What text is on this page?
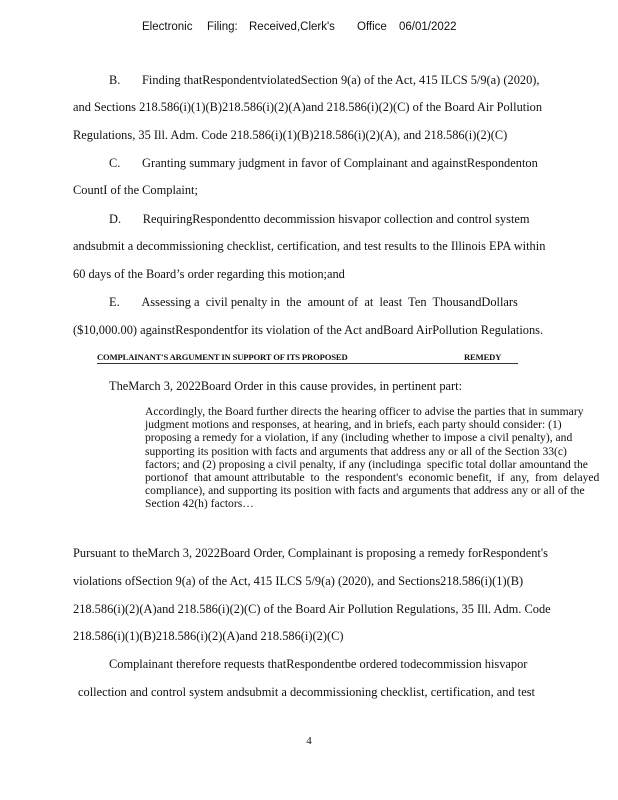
Electronic Filing: Received,Clerk's Office 06/01/2022
B.       Finding thatRespondentviolatedSection 9(a) of the Act, 415 ILCS 5/9(a) (2020),
and Sections 218.586(i)(1)(B)218.586(i)(2)(A)and 218.586(i)(2)(C) of the Board Air Pollution
Regulations, 35 Ill. Adm. Code 218.586(i)(1)(B)218.586(i)(2)(A), and 218.586(i)(2)(C)
C.       Granting summary judgment in favor of Complainant and againstRespondenton
CountI of the Complaint;
D.       RequiringRespondentto decommission hisvapor collection and control system
andsubmit a decommissioning checklist, certification, and test results to the Illinois EPA within
60 days of the Board’s order regarding this motion;and
E.       Assessing a  civil penalty in  the  amount of  at  least  Ten  ThousandDollars
($10,000.00) againstRespondentfor its violation of the Act andBoard AirPollution Regulations.
COMPLAINANT'S ARGUMENT IN SUPPORT OF ITS PROPOSED	REMEDY
TheMarch 3, 2022Board Order in this cause provides, in pertinent part:

Accordingly, the Board further directs the hearing officer to advise the parties that in summary judgment motions and responses, at hearing, and in briefs, each party should consider: (1) proposing a remedy for a violation, if any (including whether to impose a civil penalty), and supporting its position with facts and arguments that address any or all of the Section 33(c) factors; and (2) proposing a civil penalty, if any (includinga  specific total dollar amountand the portionof  that amount attributable  to  the  respondent's  economic benefit,  if  any,  from  delayed compliance), and supporting its position with facts and arguments that address any or all of the Section 42(h) factors…

Pursuant to theMarch 3, 2022Board Order, Complainant is proposing a remedy forRespondent's
violations ofSection 9(a) of the Act, 415 ILCS 5/9(a) (2020), and Sections218.586(i)(1)(B)
218.586(i)(2)(A)and 218.586(i)(2)(C) of the Board Air Pollution Regulations, 35 Ill. Adm. Code
218.586(i)(1)(B)218.586(i)(2)(A)and 218.586(i)(2)(C)
Complainant therefore requests thatRespondentbe ordered todecommission hisvapor
collection and control system andsubmit a decommissioning checklist, certification, and test
4
